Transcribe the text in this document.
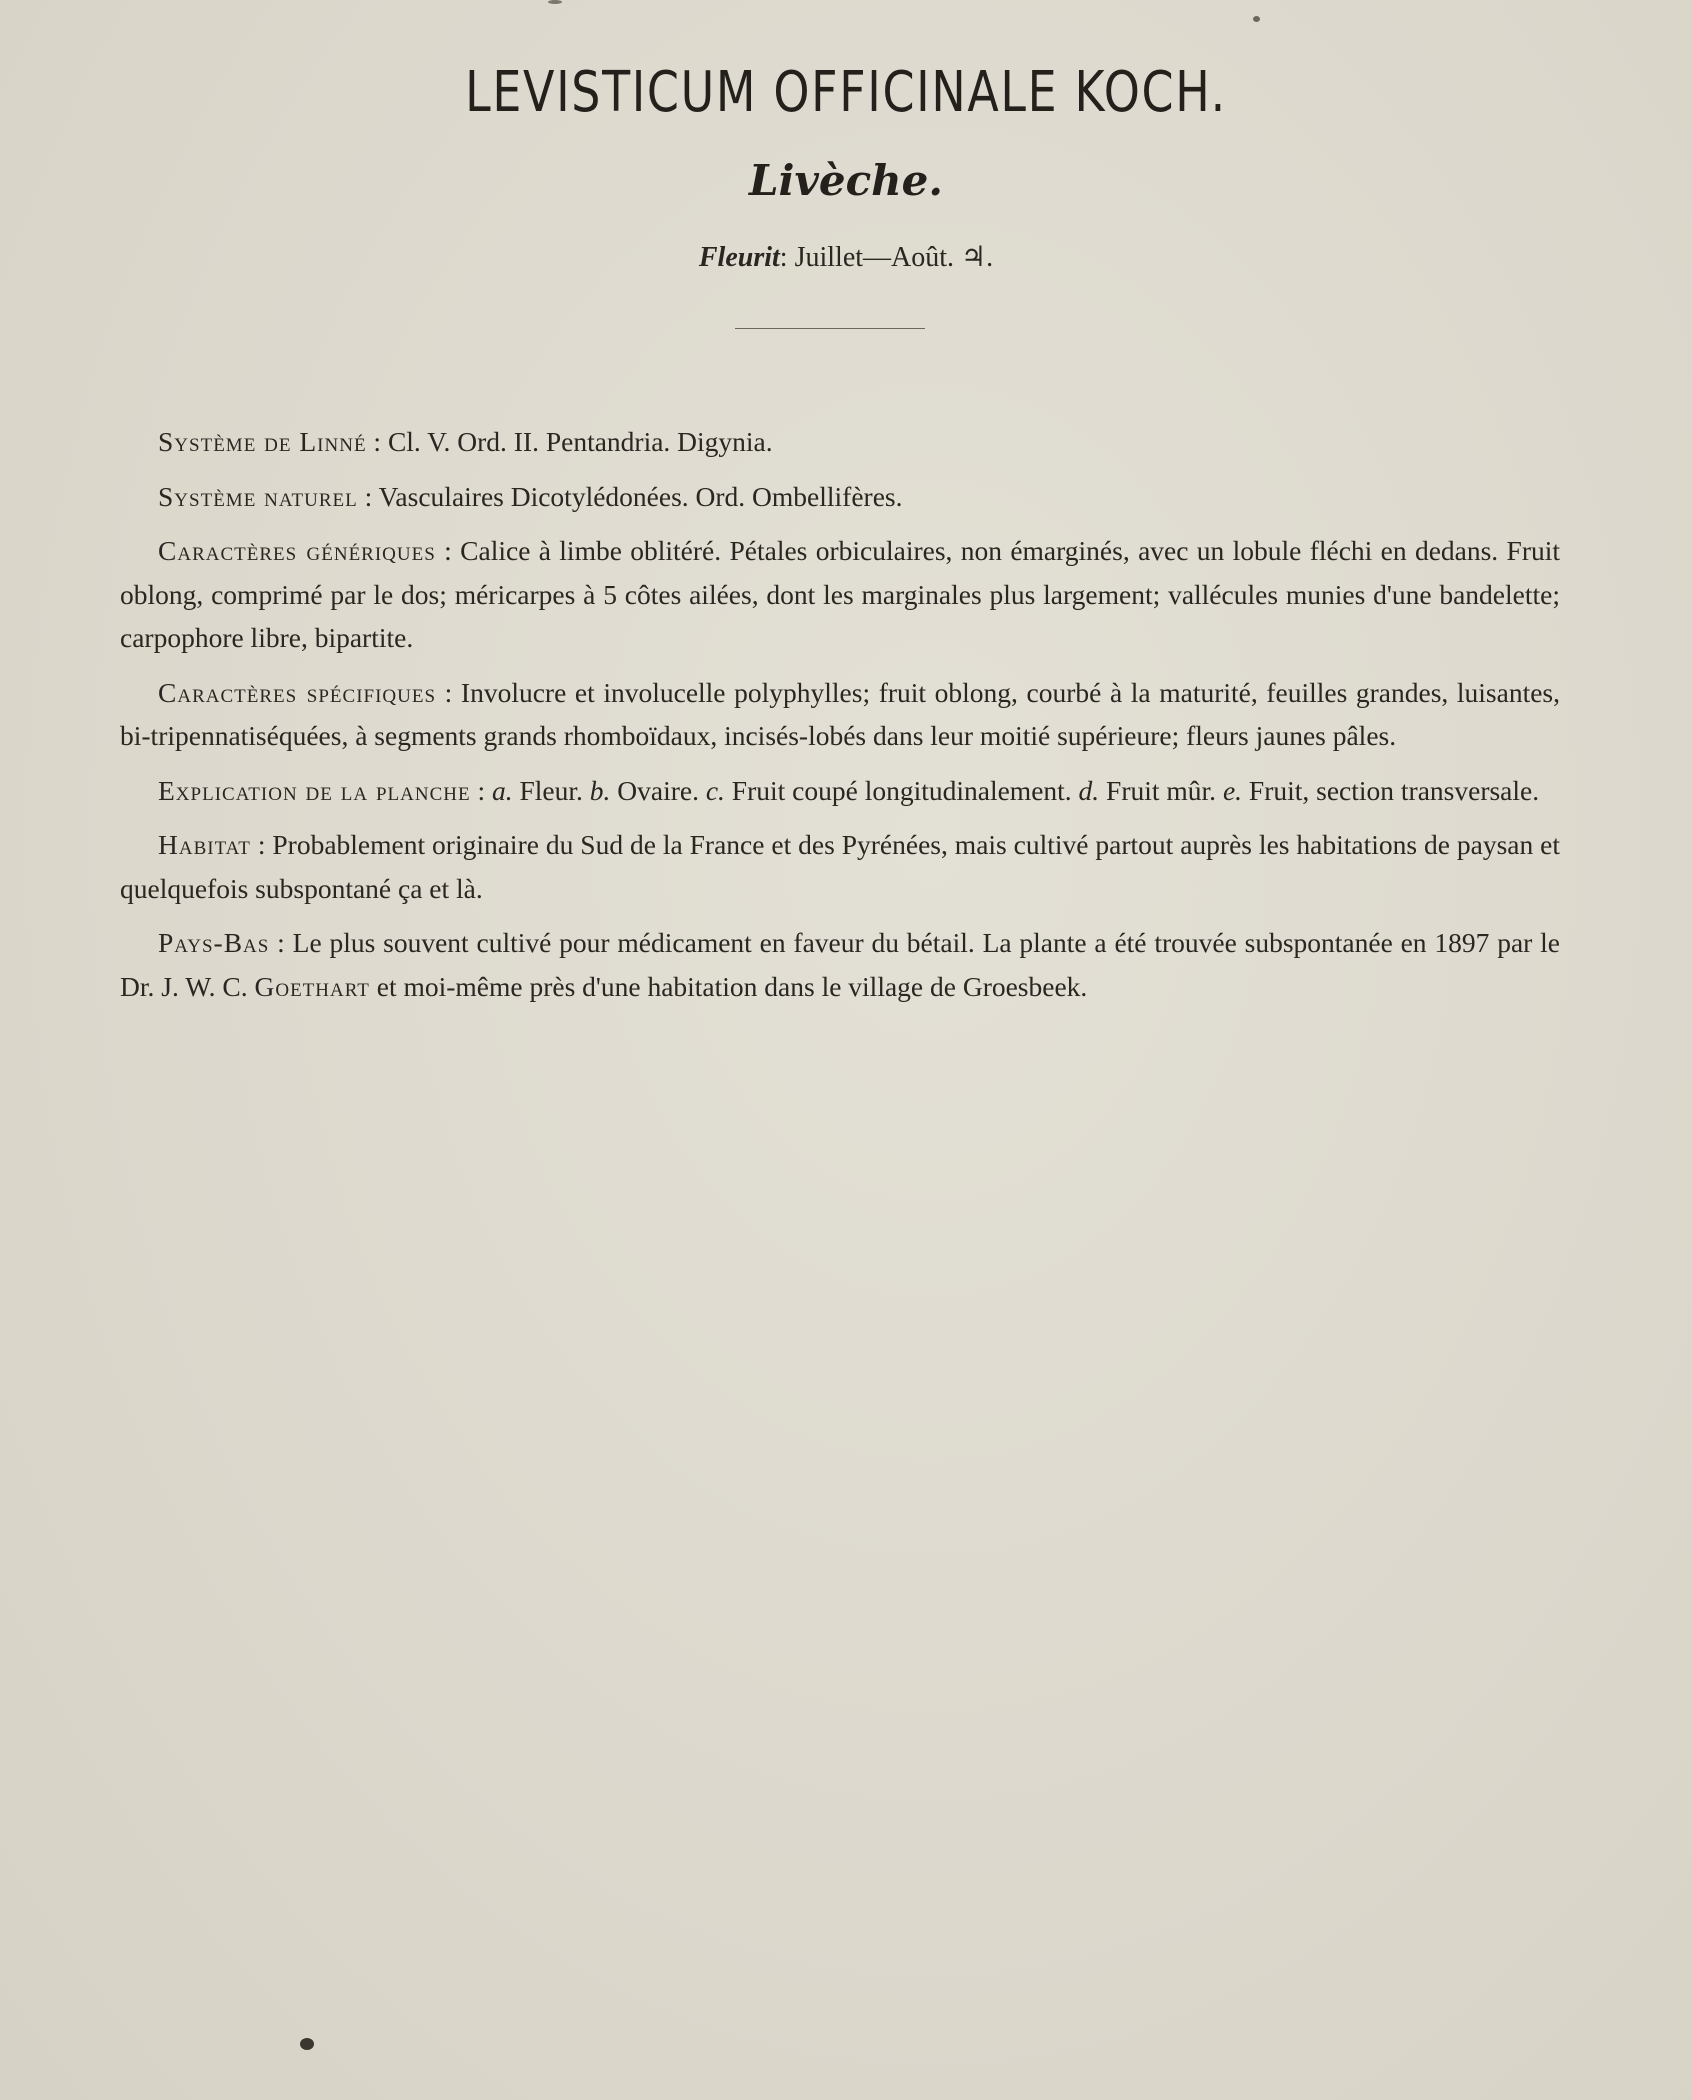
LEVISTICUM OFFICINALE KOCH.
Livèche.
Fleurit: Juillet—Août. ♃.

Système de Linné : Cl. V. Ord. II. Pentandria. Digynia.

Système naturel : Vasculaires Dicotylédonées. Ord. Ombellifères.

Caractères génériques : Calice à limbe oblitéré. Pétales orbiculaires, non émarginés, avec un lobule fléchi en dedans. Fruit oblong, comprimé par le dos; méricarpes à 5 côtes ailées, dont les marginales plus largement; vallécules munies d'une bandelette; carpophore libre, bipartite.

Caractères spécifiques : Involucre et involucelle polyphylles; fruit oblong, courbé à la maturité, feuilles grandes, luisantes, bi-tripennatiséquées, à segments grands rhomboïdaux, incisés-lobés dans leur moitié supérieure; fleurs jaunes pâles.

Explication de la planche : a. Fleur. b. Ovaire. c. Fruit coupé longitudinalement. d. Fruit mûr. e. Fruit, section transversale.

Habitat : Probablement originaire du Sud de la France et des Pyrénées, mais cultivé partout auprès les habitations de paysan et quelquefois subspontané ça et là.

Pays-Bas : Le plus souvent cultivé pour médicament en faveur du bétail. La plante a été trouvée subspontanée en 1897 par le Dr. J. W. C. Goethart et moi-même près d'une habitation dans le village de Groesbeek.
